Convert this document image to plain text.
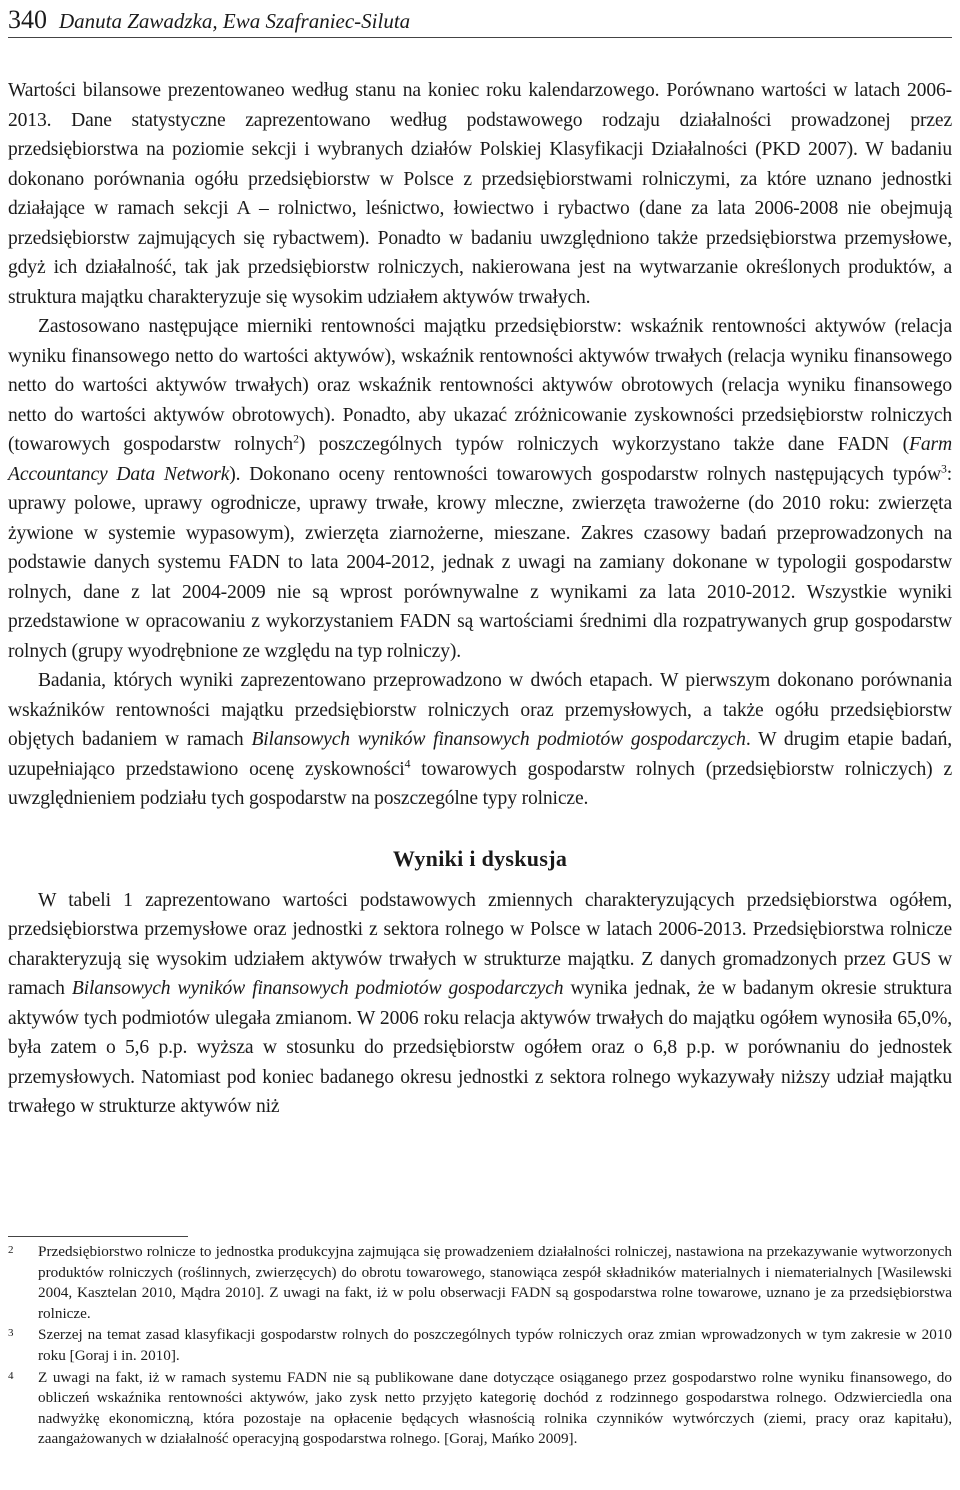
340 Danuta Zawadzka, Ewa Szafraniec-Siluta

Wartości bilansowe prezentowaneo według stanu na koniec roku kalendarzowego. Porównano wartości w latach 2006-2013. Dane statystyczne zaprezentowano według podstawowego rodzaju działalności prowadzonej przez przedsiębiorstwa na poziomie sekcji i wybranych działów Polskiej Klasyfikacji Działalności (PKD 2007). W badaniu dokonano porównania ogółu przedsiębiorstw w Polsce z przedsiębiorstwami rolniczymi, za które uznano jednostki działające w ramach sekcji A – rolnictwo, leśnictwo, łowiectwo i rybactwo (dane za lata 2006-2008 nie obejmują przedsiębiorstw zajmujących się rybactwem). Ponadto w badaniu uwzględniono także przedsiębiorstwa przemysłowe, gdyż ich działalność, tak jak przedsiębiorstw rolniczych, nakierowana jest na wytwarzanie określonych produktów, a struktura majątku charakteryzuje się wysokim udziałem aktywów trwałych.

Zastosowano następujące mierniki rentowności majątku przedsiębiorstw: wskaźnik rentowności aktywów (relacja wyniku finansowego netto do wartości aktywów), wskaźnik rentowności aktywów trwałych (relacja wyniku finansowego netto do wartości aktywów trwałych) oraz wskaźnik rentowności aktywów obrotowych (relacja wyniku finansowego netto do wartości aktywów obrotowych). Ponadto, aby ukazać zróżnicowanie zyskowności przedsiębiorstw rolniczych (towarowych gospodarstw rolnych$^2$) poszczególnych typów rolniczych wykorzystano także dane FADN (Farm Accountancy Data Network). Dokonano oceny rentowności towarowych gospodarstw rolnych następujących typów$^3$: uprawy polowe, uprawy ogrodnicze, uprawy trwałe, krowy mleczne, zwierzęta trawożerne (do 2010 roku: zwierzęta żywione w systemie wypasowym), zwierzęta ziarnożerne, mieszane. Zakres czasowy badań przeprowadzonych na podstawie danych systemu FADN to lata 2004-2012, jednak z uwagi na zamiany dokonane w typologii gospodarstw rolnych, dane z lat 2004-2009 nie są wprost porównywalne z wynikami za lata 2010-2012. Wszystkie wyniki przedstawione w opracowaniu z wykorzystaniem FADN są wartościami średnimi dla rozpatrywanych grup gospodarstw rolnych (grupy wyodrębnione ze względu na typ rolniczy).

Badania, których wyniki zaprezentowano przeprowadzono w dwóch etapach. W pierwszym dokonano porównania wskaźników rentowności majątku przedsiębiorstw rolniczych oraz przemysłowych, a także ogółu przedsiębiorstw objętych badaniem w ramach Bilansowych wyników finansowych podmiotów gospodarczych. W drugim etapie badań, uzupełniająco przedstawiono ocenę zyskowności$^4$ towarowych gospodarstw rolnych (przedsiębiorstw rolniczych) z uwzględnieniem podziału tych gospodarstw na poszczególne typy rolnicze.

Wyniki i dyskusja

W tabeli 1 zaprezentowano wartości podstawowych zmiennych charakteryzujących przedsiębiorstwa ogółem, przedsiębiorstwa przemysłowe oraz jednostki z sektora rolnego w Polsce w latach 2006-2013. Przedsiębiorstwa rolnicze charakteryzują się wysokim udziałem aktywów trwałych w strukturze majątku. Z danych gromadzonych przez GUS w ramach Bilansowych wyników finansowych podmiotów gospodarczych wynika jednak, że w badanym okresie struktura aktywów tych podmiotów ulegała zmianom. W 2006 roku relacja aktywów trwałych do majątku ogółem wynosiła 65,0%, była zatem o 5,6 p.p. wyższa w stosunku do przedsiębiorstw ogółem oraz o 6,8 p.p. w porównaniu do jednostek przemysłowych. Natomiast pod koniec badanego okresu jednostki z sektora rolnego wykazywały niższy udział majątku trwałego w strukturze aktywów niż

2	Przedsiębiorstwo rolnicze to jednostka produkcyjna zajmująca się prowadzeniem działalności rolniczej, nastawiona na przekazywanie wytworzonych produktów rolniczych (roślinnych, zwierzęcych) do obrotu towarowego, stanowiąca zespół składników materialnych i niematerialnych [Wasilewski 2004, Kasztelan 2010, Mądra 2010]. Z uwagi na fakt, iż w polu obserwacji FADN są gospodarstwa rolne towarowe, uznano je za przedsiębiorstwa rolnicze.
3	Szerzej na temat zasad klasyfikacji gospodarstw rolnych do poszczególnych typów rolniczych oraz zmian wprowadzonych w tym zakresie w 2010 roku [Goraj i in. 2010].
4	Z uwagi na fakt, iż w ramach systemu FADN nie są publikowane dane dotyczące osiąganego przez gospodarstwo rolne wyniku finansowego, do obliczeń wskaźnika rentowności aktywów, jako zysk netto przyjęto kategorię dochód z rodzinnego gospodarstwa rolnego. Odzwierciedla ona nadwyżkę ekonomiczną, która pozostaje na opłacenie będących własnością rolnika czynników wytwórczych (ziemi, pracy oraz kapitału), zaangażowanych w działalność operacyjną gospodarstwa rolnego. [Goraj, Mańko 2009].
